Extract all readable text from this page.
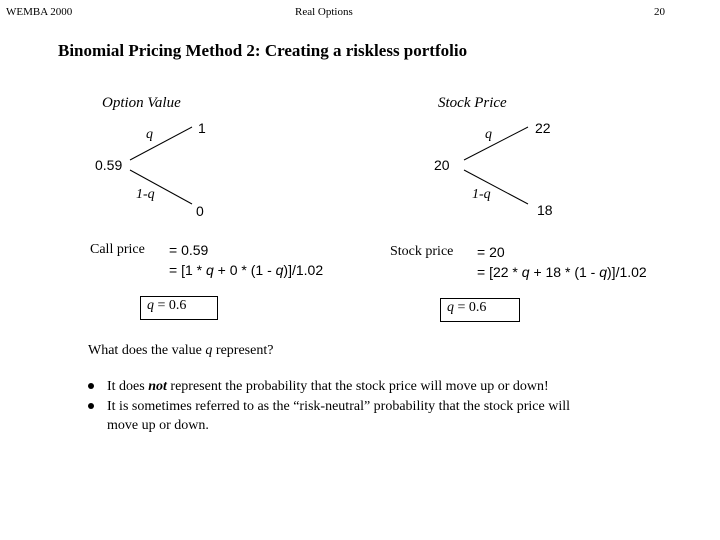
WEMBA 2000	Real Options	20
Binomial Pricing Method 2: Creating a riskless portfolio
Option Value
q	1
0.59
1-q
0
Stock Price
q	22
20
1-q
18
Call price = 0.59
= [1 * q + 0 * (1 - q)]/1.02
q = 0.6
Stock price = 20
= [22 * q + 18 * (1 - q)]/1.02
q = 0.6
What does the value q represent?
It does not represent the probability that the stock price will move up or down!
It is sometimes referred to as the “risk-neutral” probability that the stock price will
move up or down.
